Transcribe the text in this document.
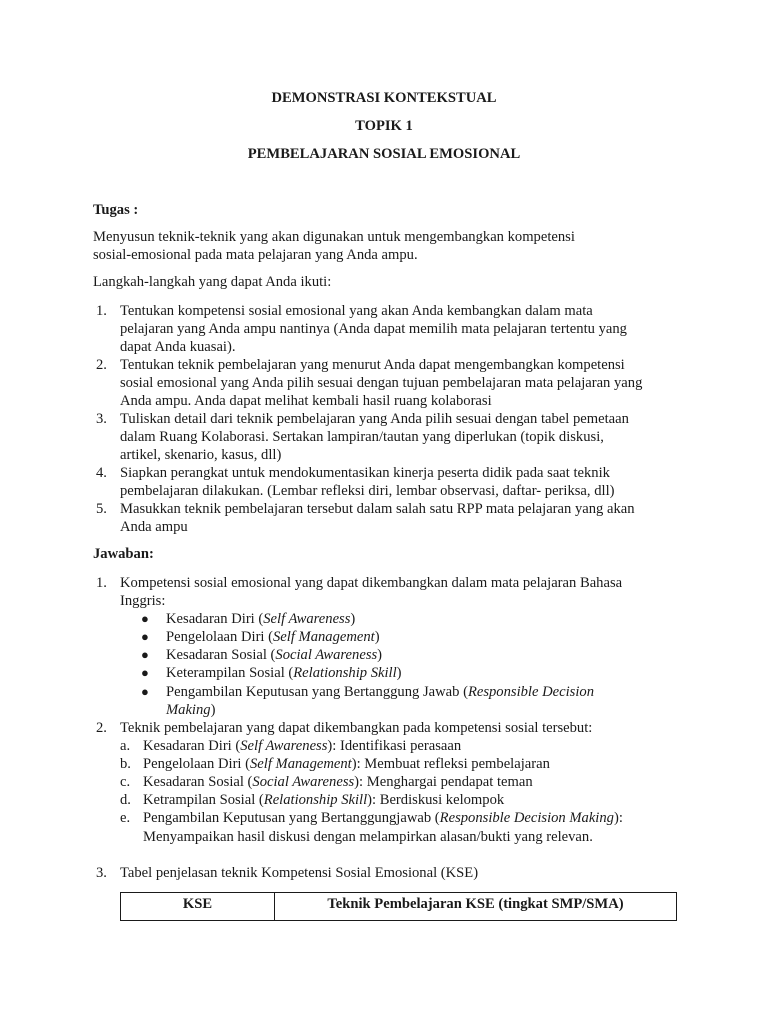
DEMONSTRASI KONTEKSTUAL
TOPIK 1
PEMBELAJARAN SOSIAL EMOSIONAL
Tugas :
Menyusun teknik-teknik yang akan digunakan untuk mengembangkan kompetensi
sosial-emosional pada mata pelajaran yang Anda ampu.
Langkah-langkah yang dapat Anda ikuti:
1. Tentukan kompetensi sosial emosional yang akan Anda kembangkan dalam mata
pelajaran yang Anda ampu nantinya (Anda dapat memilih mata pelajaran tertentu yang
dapat Anda kuasai).
2. Tentukan teknik pembelajaran yang menurut Anda dapat mengembangkan kompetensi
sosial emosional yang Anda pilih sesuai dengan tujuan pembelajaran mata pelajaran yang
Anda ampu. Anda dapat melihat kembali hasil ruang kolaborasi
3. Tuliskan detail dari teknik pembelajaran yang Anda pilih sesuai dengan tabel pemetaan
dalam Ruang Kolaborasi. Sertakan lampiran/tautan yang diperlukan (topik diskusi,
artikel, skenario, kasus, dll)
4. Siapkan perangkat untuk mendokumentasikan kinerja peserta didik pada saat teknik
pembelajaran dilakukan. (Lembar refleksi diri, lembar observasi, daftar- periksa, dll)
5. Masukkan teknik pembelajaran tersebut dalam salah satu RPP mata pelajaran yang akan
Anda ampu
Jawaban:
1. Kompetensi sosial emosional yang dapat dikembangkan dalam mata pelajaran Bahasa
Inggris:
● Kesadaran Diri (Self Awareness)
● Pengelolaan Diri (Self Management)
● Kesadaran Sosial (Social Awareness)
● Keterampilan Sosial (Relationship Skill)
● Pengambilan Keputusan yang Bertanggung Jawab (Responsible Decision
Making)
2. Teknik pembelajaran yang dapat dikembangkan pada kompetensi sosial tersebut:
a. Kesadaran Diri (Self Awareness): Identifikasi perasaan
b. Pengelolaan Diri (Self Management): Membuat refleksi pembelajaran
c. Kesadaran Sosial (Social Awareness): Menghargai pendapat teman
d. Ketrampilan Sosial (Relationship Skill): Berdiskusi kelompok
e. Pengambilan Keputusan yang Bertanggungjawab (Responsible Decision Making):
Menyampaikan hasil diskusi dengan melampirkan alasan/bukti yang relevan.
3. Tabel penjelasan teknik Kompetensi Sosial Emosional (KSE)
KSE	Teknik Pembelajaran KSE (tingkat SMP/SMA)
